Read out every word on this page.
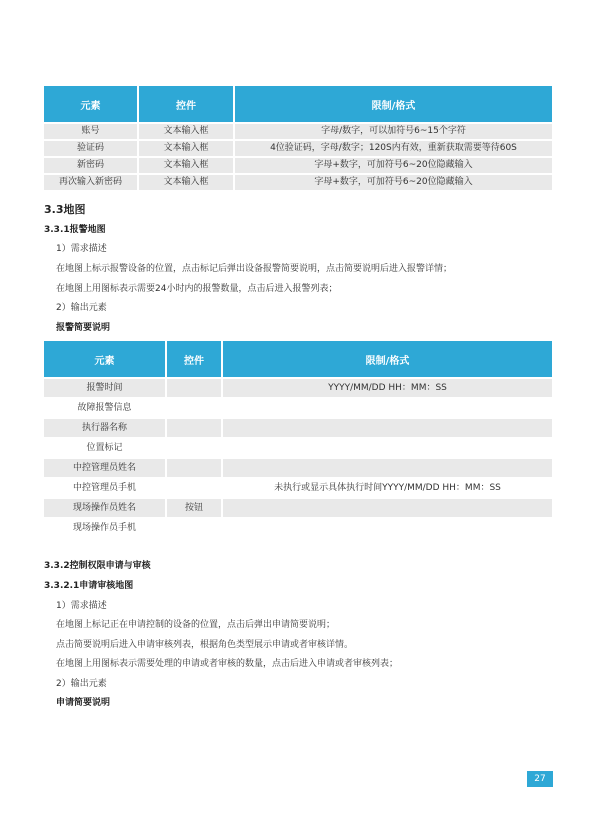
元素	控件	限制/格式
账号	文本输入框	字母/数字，可以加符号6~15个字符
验证码	文本输入框	4位验证码，字母/数字；120S内有效，重新获取需要等待60S
新密码	文本输入框	字母+数字，可加符号6~20位隐藏输入
再次输入新密码	文本输入框	字母+数字，可加符号6~20位隐藏输入
3.3地图
3.3.1报警地图
1）需求描述
在地图上标示报警设备的位置，点击标记后弹出设备报警简要说明，点击简要说明后进入报警详情；
在地图上用图标表示需要24小时内的报警数量，点击后进入报警列表；
2）输出元素
报警简要说明
元素	控件	限制/格式
报警时间		YYYY/MM/DD HH：MM：SS
故障报警信息		
执行器名称		
位置标记		
中控管理员姓名		
中控管理员手机		未执行或显示具体执行时间YYYY/MM/DD HH：MM：SS
现场操作员姓名	按钮	
现场操作员手机		
3.3.2控制权限申请与审核
3.3.2.1申请审核地图
1）需求描述
在地图上标记正在申请控制的设备的位置，点击后弹出申请简要说明；
点击简要说明后进入申请审核列表，根据角色类型展示申请或者审核详情。
在地图上用图标表示需要处理的申请或者审核的数量，点击后进入申请或者审核列表；
2）输出元素
申请简要说明
27
